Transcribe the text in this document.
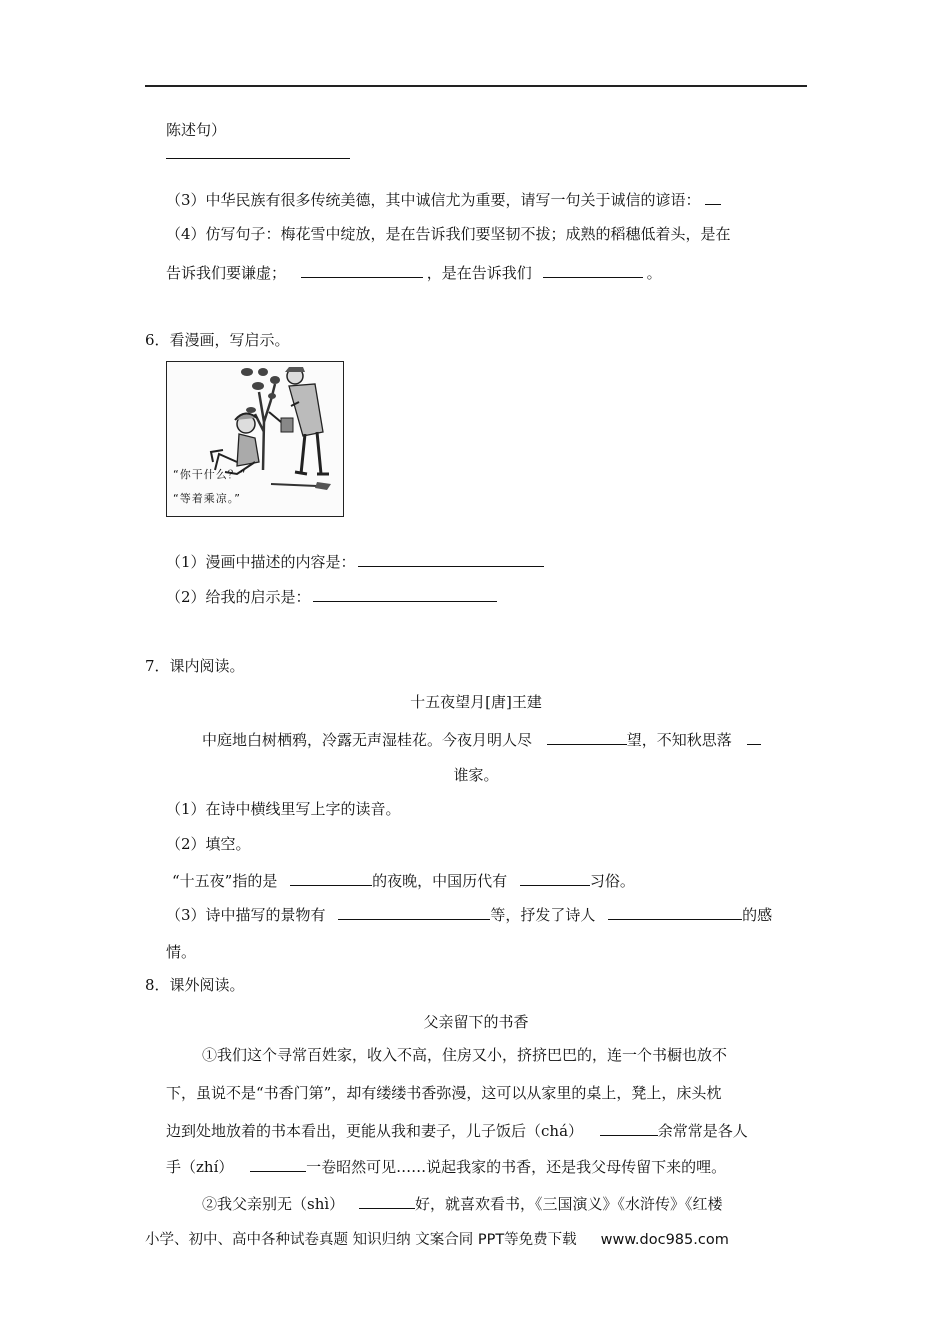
陈述句）
（3）中华民族有很多传统美德，其中诚信尤为重要，请写一句关于诚信的谚语：
（4）仿写句子：梅花雪中绽放，是在告诉我们要坚韧不拔；成熟的稻穗低着头，是在
告诉我们要谦虚；	，是在告诉我们	。
6．看漫画，写启示。
“你干什么？”
“等着乘凉。”
（1）漫画中描述的内容是：
（2）给我的启示是：
7．课内阅读。
十五夜望月[唐]王建
中庭地白树栖鸦，冷露无声湿桂花。今夜月明人尽	望，不知秋思落
谁家。
（1）在诗中横线里写上字的读音。
（2）填空。
“十五夜”指的是	的夜晚，中国历代有	习俗。
（3）诗中描写的景物有	等，抒发了诗人	的感
情。
8．课外阅读。
父亲留下的书香
①我们这个寻常百姓家，收入不高，住房又小，挤挤巴巴的，连一个书橱也放不
下，虽说不是“书香门第”，却有缕缕书香弥漫，这可以从家里的桌上，凳上，床头枕
边到处地放着的书本看出，更能从我和妻子，儿子饭后（chá）	余常常是各人
手（zhí）	一卷昭然可见……说起我家的书香，还是我父母传留下来的哩。
②我父亲别无（shì）	好，就喜欢看书，《三国演义》《水浒传》《红楼
小学、初中、高中各种试卷真题 知识归纳 文案合同 PPT等免费下载 www.doc985.com
